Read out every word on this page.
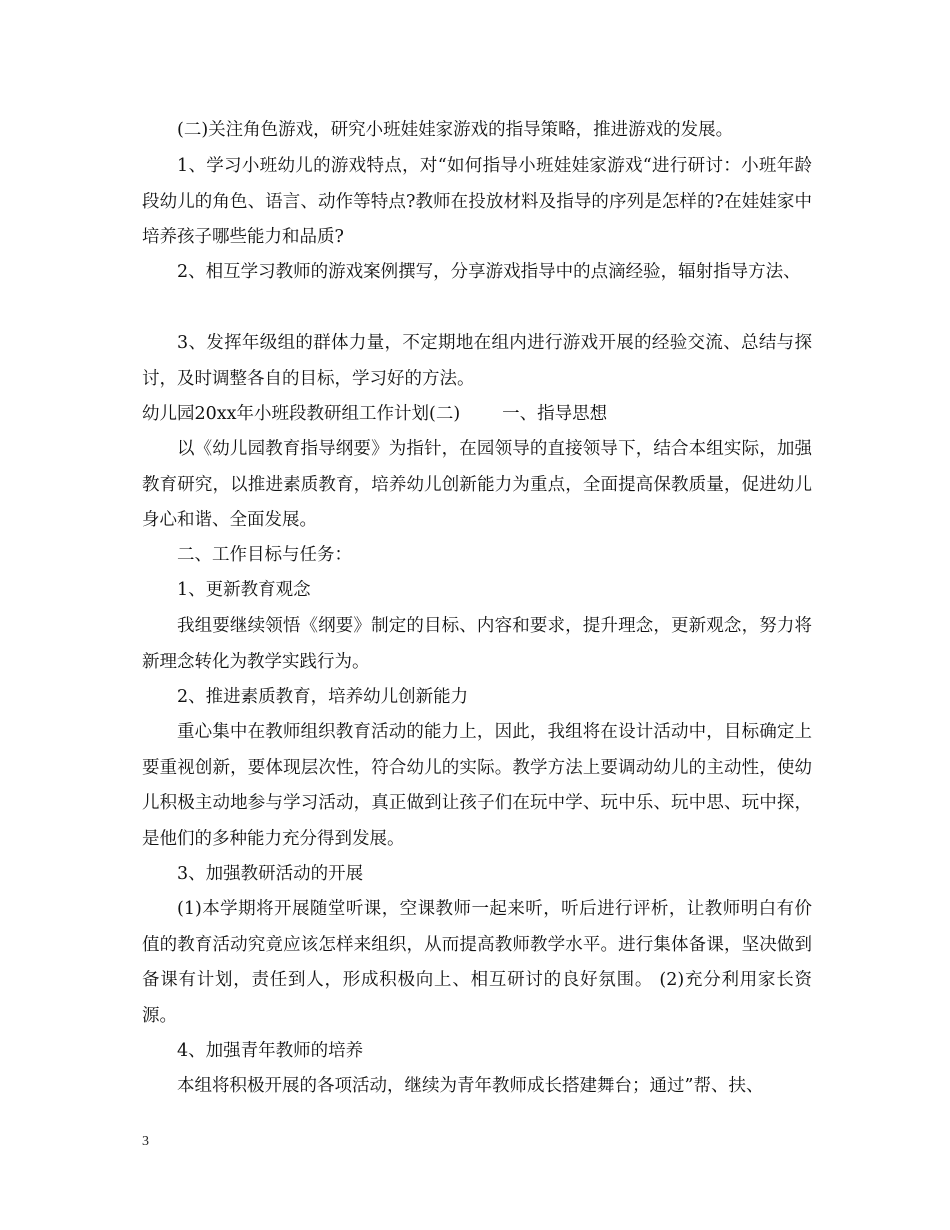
(二)关注角色游戏，研究小班娃娃家游戏的指导策略，推进游戏的发展。

1、学习小班幼儿的游戏特点，对“如何指导小班娃娃家游戏“进行研讨：小班年龄段幼儿的角色、语言、动作等特点?教师在投放材料及指导的序列是怎样的?在娃娃家中培养孩子哪些能力和品质?

2、相互学习教师的游戏案例撰写，分享游戏指导中的点滴经验，辐射指导方法、

3、发挥年级组的群体力量，不定期地在组内进行游戏开展的经验交流、总结与探讨，及时调整各自的目标，学习好的方法。

幼儿园20xx年小班段教研组工作计划(二) 一、指导思想

以《幼儿园教育指导纲要》为指针，在园领导的直接领导下，结合本组实际，加强教育研究，以推进素质教育，培养幼儿创新能力为重点，全面提高保教质量，促进幼儿身心和谐、全面发展。

二、工作目标与任务：

1、更新教育观念

我组要继续领悟《纲要》制定的目标、内容和要求，提升理念，更新观念，努力将新理念转化为教学实践行为。

2、推进素质教育，培养幼儿创新能力

重心集中在教师组织教育活动的能力上，因此，我组将在设计活动中，目标确定上要重视创新，要体现层次性，符合幼儿的实际。教学方法上要调动幼儿的主动性，使幼儿积极主动地参与学习活动，真正做到让孩子们在玩中学、玩中乐、玩中思、玩中探，是他们的多种能力充分得到发展。

3、加强教研活动的开展

(1)本学期将开展随堂听课，空课教师一起来听，听后进行评析，让教师明白有价值的教育活动究竟应该怎样来组织，从而提高教师教学水平。进行集体备课，坚决做到备课有计划，责任到人，形成积极向上、相互研讨的良好氛围。 (2)充分利用家长资源。

4、加强青年教师的培养

本组将积极开展的各项活动，继续为青年教师成长搭建舞台；通过”帮、扶、

3
